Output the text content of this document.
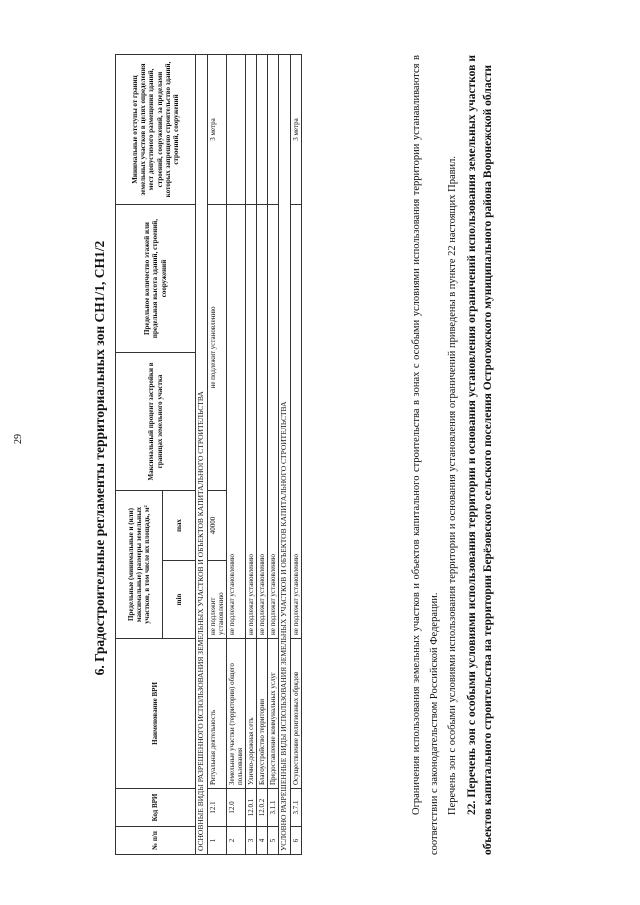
29	6. Градостроительные регламенты территориальных зон СН1/1, СН1/2
№ п/п	Код ВРИ	Наименование ВРИ	Предельные (минимальные и (или) максимальные) размеры земельных участков, в том числе их площадь, м²		Максимальный процент застройки в границах земельного участка	Предельное количество этажей или предельная высота зданий, строений, сооружений	Минимальные отступы от границ земельных участков в целях определения мест допустимого размещения зданий, строений, сооружений, за пределами которых запрещено строительство зданий, строений, сооружений
			min	max			
ОСНОВНЫЕ ВИДЫ РАЗРЕШЕННОГО ИСПОЛЬЗОВАНИЯ ЗЕМЕЛЬНЫХ УЧАСТКОВ И ОБЪЕКТОВ КАПИТАЛЬНОГО СТРОИТЕЛЬСТВА							
1	12.1	Ритуальная деятельность	не подлежит установлению	40000	не подлежит установлению		3 метра
2	12.0	Земельные участки (территории) общего пользования	не подлежат установлению				
3	12.0.1	Улично-дорожная сеть	не подлежат установлению				
4	12.0.2	Благоустройство территории	не подлежат установлению				
5	3.1.1	Предоставление коммунальных услуг	не подлежат установлению				
УСЛОВНО РАЗРЕШЕННЫЕ ВИДЫ ИСПОЛЬЗОВАНИЯ ЗЕМЕЛЬНЫХ УЧАСТКОВ И ОБЪЕКТОВ КАПИТАЛЬНОГО СТРОИТЕЛЬСТВА							
6	3.7.1	Осуществление религиозных обрядов	не подлежат установлению				3 метра	Ограничения использования земельных участков и объектов капитального строительства в зонах с особыми условиями использования территории устанавливаются в соответствии с законодательством Российской Федерации. Перечень зон с особыми условиями использования территории и основания установления ограничений приведены в пункте 22 настоящих Правил. 22. Перечень зон с особыми условиями использования территории и основания установления ограничений использования земельных участков и объектов капитального строительства на территории Берёзовского сельского поселения Острогожского муниципального района Воронежской области
